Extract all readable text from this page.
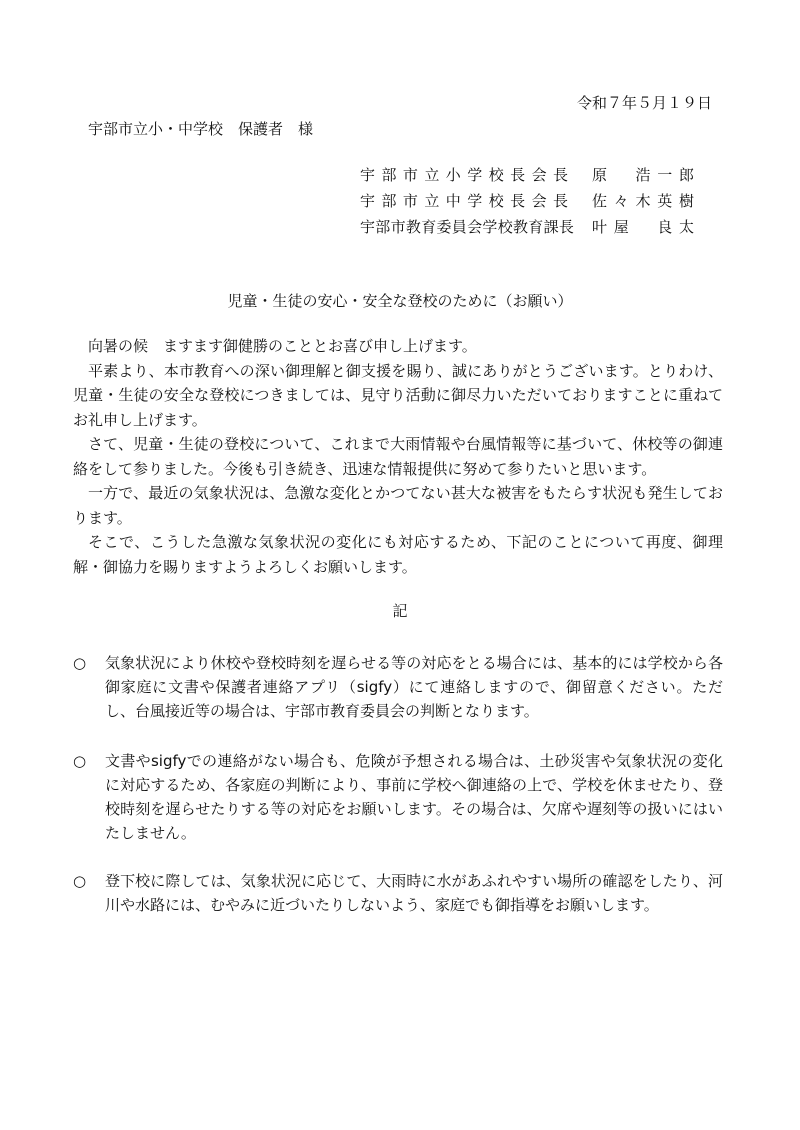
令和７年５月１９日
宇部市立小・中学校　保護者　様
宇部市立小学校長会長	原　浩一郎
宇部市立中学校長会長	佐々木英樹
宇部市教育委員会学校教育課長	叶屋　良太
児童・生徒の安心・安全な登校のために（お願い）

向暑の候　ますます御健勝のこととお喜び申し上げます。

平素より、本市教育への深い御理解と御支援を賜り、誠にありがとうございます。とりわけ、児童・生徒の安全な登校につきましては、見守り活動に御尽力いただいておりますことに重ねてお礼申し上げます。

さて、児童・生徒の登校について、これまで大雨情報や台風情報等に基づいて、休校等の御連絡をして参りました。今後も引き続き、迅速な情報提供に努めて参りたいと思います。

一方で、最近の気象状況は、急激な変化とかつてない甚大な被害をもたらす状況も発生しております。

そこで、こうした急激な気象状況の変化にも対応するため、下記のことについて再度、御理解・御協力を賜りますようよろしくお願いします。

記
○	気象状況により休校や登校時刻を遅らせる等の対応をとる場合には、基本的には学校から各御家庭に文書や保護者連絡アプリ（sigfy）にて連絡しますので、御留意ください。ただし、台風接近等の場合は、宇部市教育委員会の判断となります。
○	文書やsigfyでの連絡がない場合も、危険が予想される場合は、土砂災害や気象状況の変化に対応するため、各家庭の判断により、事前に学校へ御連絡の上で、学校を休ませたり、登校時刻を遅らせたりする等の対応をお願いします。その場合は、欠席や遅刻等の扱いにはいたしません。
○	登下校に際しては、気象状況に応じて、大雨時に水があふれやすい場所の確認をしたり、河川や水路には、むやみに近づいたりしないよう、家庭でも御指導をお願いします。
